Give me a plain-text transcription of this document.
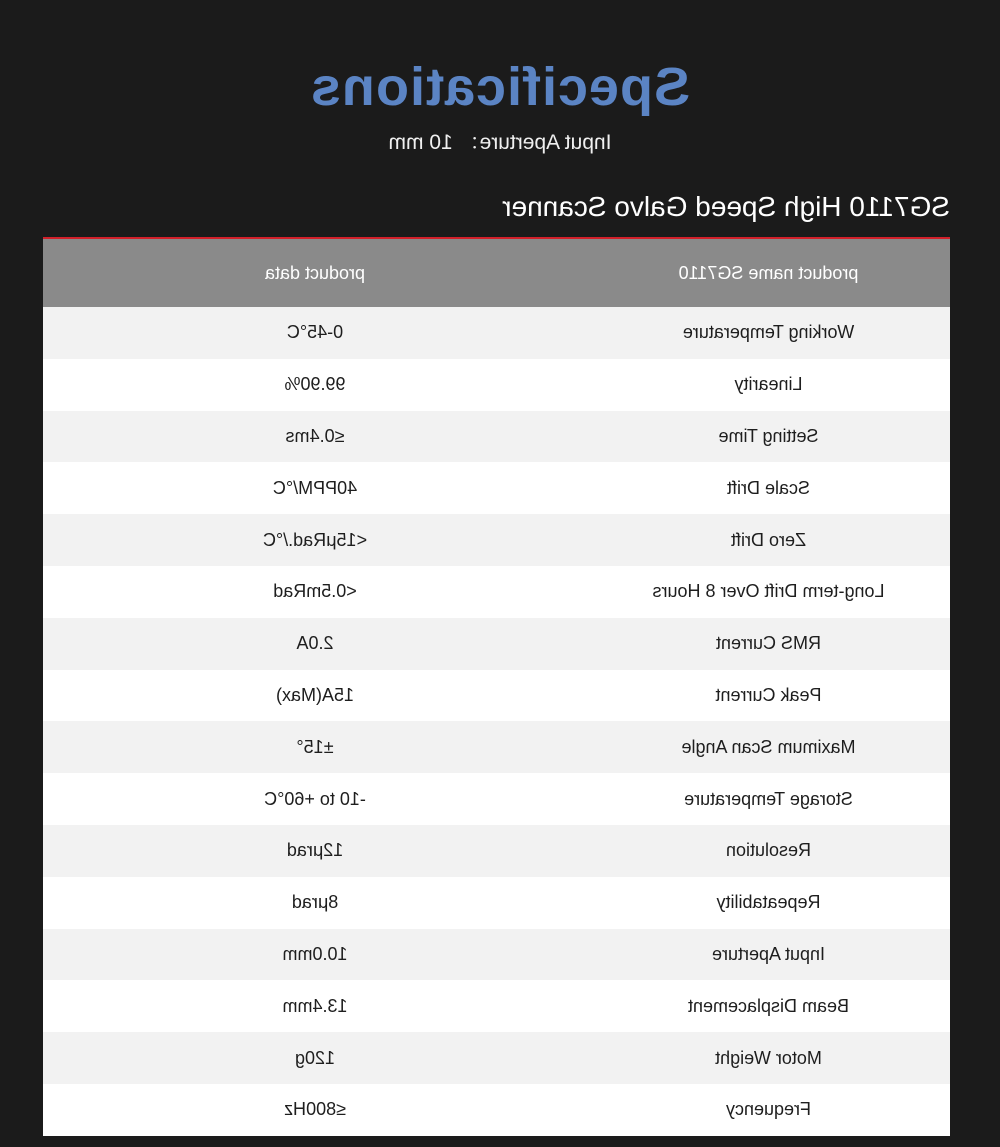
Specifications
Input Aperture： 10 mm
SG7110 High Speed Galvo Scanner
product name SG7110
product data
Working Temperature
0-45°C
Linearity
99.90%
Setting Time
≤0.4ms
Scale Drift
40PPM/°C
Zero Drift
<15μRad./°C
Long-term Drift Over 8 Hours
<0.5mRad
RMS Current
2.0A
Peak Current
15A(Max)
Maximum Scan Angle
±15°
Storage Temperature
-10 to +60°C
Resolution
12μrad
Repeatability
8μrad
Input Aperture
10.0mm
Beam Displacement
13.4mm
Motor Weight
120g
Frequency
≤800Hz
